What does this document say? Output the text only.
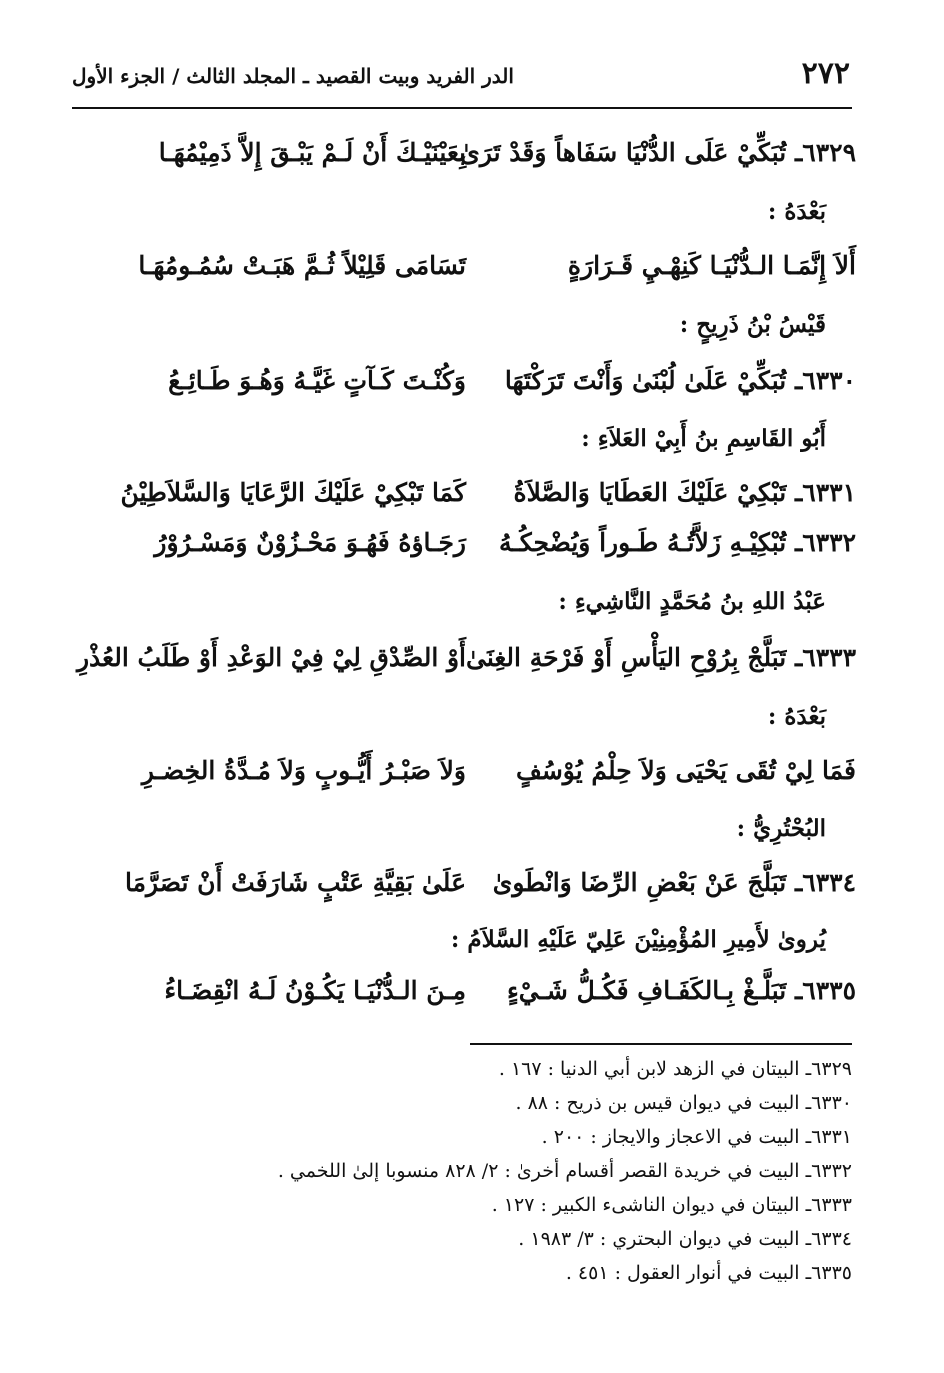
٢٧٢
الدر الفريد وبيت القصيد ـ المجلد الثالث / الجزء الأول
٦٣٢٩ـ تُبَكِّيْ عَلَى الدُّنْيَا سَفَاهاً وَقَدْ تَرَىٰ
بِعَيْنَيْـكَ أَنْ لَـمْ يَبْـقَ إِلاَّ ذَمِيْمُهَـا
بَعْدَهُ :
أَلاَ إِنَّمَـا الـدُّنْيَـا كَنِهْـيِ قَـرَارَةٍ
تَسَامَى قَلِيْلاً ثُـمَّ هَبَـتْ سُمُـومُهَـا
قَيْسُ بْنُ ذَرِيحٍ :
٦٣٣٠ـ تُبَكِّيْ عَلَىٰ لُبْنَىٰ وَأَنْتَ تَرَكْتَهَا
وَكُنْـتَ كَـآتٍ غَيَّـهُ وَهُـوَ طَـائِـعُ
أَبُو القَاسِمِ بنُ أَبِيْ العَلاَءِ :
٦٣٣١ـ تَبْكِيْ عَلَيْكَ العَطَايَا وَالصَّلاَةُ
كَمَا تَبْكِيْ عَلَيْكَ الرَّعَايَا وَالسَّلاَطِيْنُ
٦٣٣٢ـ تُبْكِيْـهِ زَلاَّتُـهُ طَـوراً وَيُضْحِكُـهُ
رَجَـاؤهُ فَهُـوَ مَحْـزُوْنٌ وَمَسْـرُوْرُ
عَبْدُ اللهِ بنُ مُحَمَّدٍ النَّاشِيءِ :
٦٣٣٣ـ تَبَلَّجْ بِرُوْحِ اليَأْسِ أَوْ فَرْحَةِ الغِنَىٰ
أَوْ الصِّدْقِ لِيْ فِيْ الوَعْدِ أَوْ طَلَبُ العُذْرِ
بَعْدَهُ :
فَمَا لِيْ تُقَى يَحْيَى وَلاَ حِلْمُ يُوْسُفٍ
وَلاَ صَبْـرُ أَيُّـوبٍ وَلاَ مُـدَّةُ الخِضـرِ
البُحْتُرِيُّ :
٦٣٣٤ـ تَبَلَّجَ عَنْ بَعْضِ الرِّضَا وَانْطَوىٰ
عَلَىٰ بَقِيَّةِ عَتْبٍ شَارَفَتْ أَنْ تَصَرَّمَا
يُروىٰ لأَمِيرِ المُؤْمِنِيْنَ عَلِيّ عَلَيْهِ السَّلاَمُ :
٦٣٣٥ـ تَبَلَّـغْ بِـالكَفَـافِ فَكُـلُّ شَـيْءٍ
مِـنَ الـدُّنْيَـا يَكُـوْنُ لَـهُ انْقِضَـاءُ
٦٣٢٩ـ البيتان في الزهد لابن أبي الدنيا : ١٦٧ .
٦٣٣٠ـ البيت في ديوان قيس بن ذريح : ٨٨ .
٦٣٣١ـ البيت في الاعجاز والايجاز : ٢٠٠ .
٦٣٣٢ـ البيت في خريدة القصر أقسام أخرىٰ : ٢/ ٨٢٨ منسوبا إلىٰ اللخمي .
٦٣٣٣ـ البيتان في ديوان الناشىء الكبير : ١٢٧ .
٦٣٣٤ـ البيت في ديوان البحتري : ٣/ ١٩٨٣ .
٦٣٣٥ـ البيت في أنوار العقول : ٤٥١ .
